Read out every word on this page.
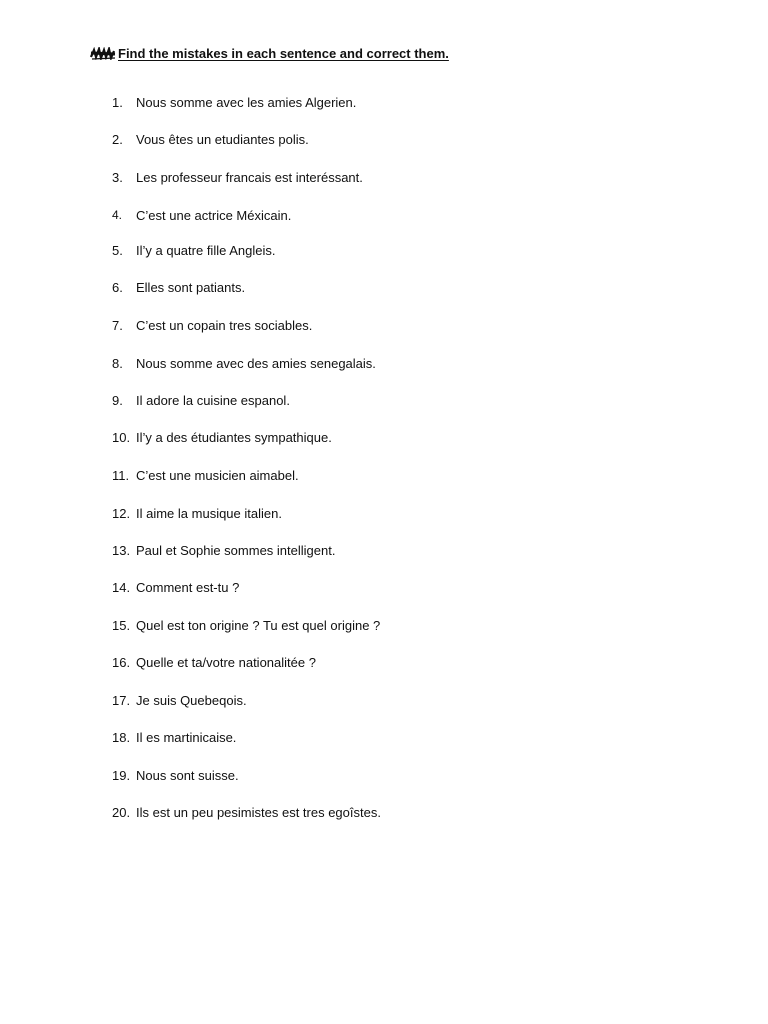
Find the mistakes in each sentence and correct them.
1. Nous somme avec les amies Algerien.
2. Vous êtes un etudiantes polis.
3. Les professeur francais est interéssant.
4. C’est une actrice Méxicain.
5. Il’y a quatre fille Angleis.
6. Elles sont patiants.
7. C’est un copain tres sociables.
8. Nous somme avec des amies senegalais.
9. Il adore la cuisine espanol.
10. Il’y a des étudiantes sympathique.
11. C’est une musicien aimabel.
12. Il aime la musique italien.
13. Paul et Sophie sommes intelligent.
14. Comment est-tu ?
15. Quel est ton origine ? Tu est quel origine ?
16. Quelle et ta/votre nationalitée ?
17. Je suis Quebeqois.
18. Il es martinicaise.
19. Nous sont suisse.
20. Ils est un peu pesimistes est tres egoîstes.
